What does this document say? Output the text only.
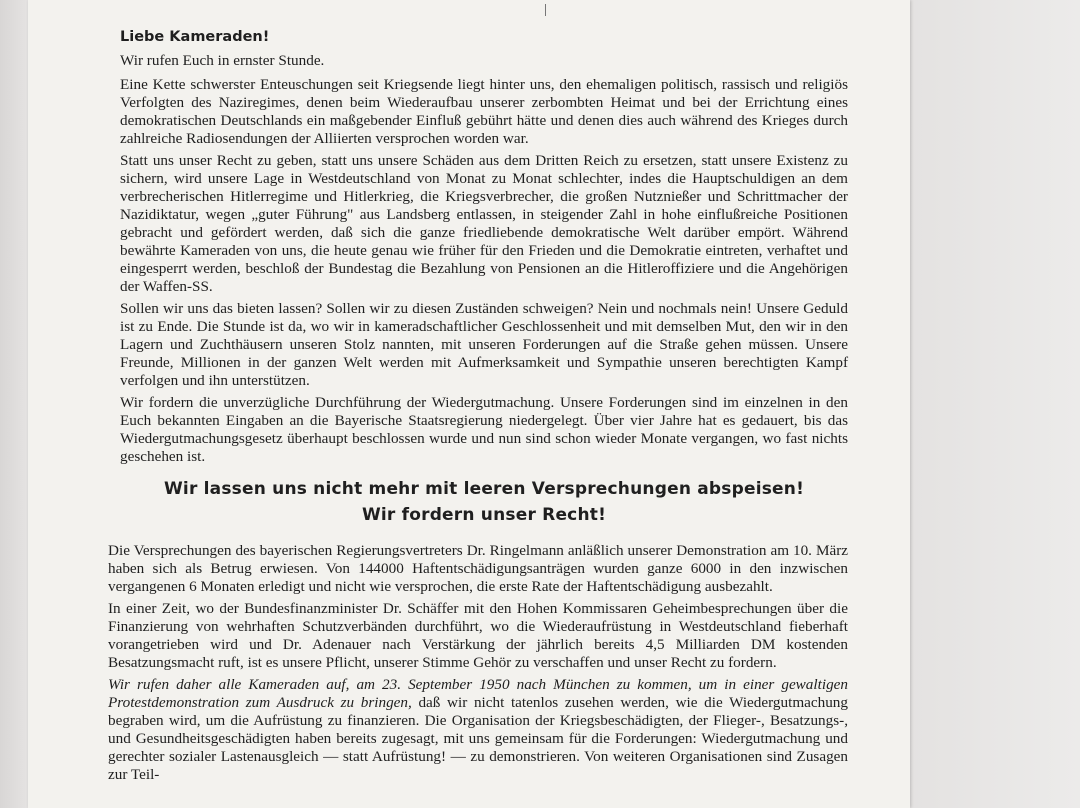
Liebe Kameraden!

Wir rufen Euch in ernster Stunde.

Eine Kette schwerster Enteuschungen seit Kriegsende liegt hinter uns, den ehemaligen politisch, rassisch und religiös Verfolgten des Naziregimes, denen beim Wiederaufbau unserer zerbombten Heimat und bei der Errichtung eines demokratischen Deutschlands ein maßgebender Einfluß gebührt hätte und denen dies auch während des Krieges durch zahlreiche Radiosendungen der Alliierten versprochen worden war.

Statt uns unser Recht zu geben, statt uns unsere Schäden aus dem Dritten Reich zu ersetzen, statt unsere Existenz zu sichern, wird unsere Lage in Westdeutschland von Monat zu Monat schlechter, indes die Hauptschuldigen an dem verbrecherischen Hitlerregime und Hitlerkrieg, die Kriegsverbrecher, die großen Nutznießer und Schrittmacher der Nazidiktatur, wegen „guter Führung" aus Landsberg entlassen, in steigender Zahl in hohe einflußreiche Positionen gebracht und gefördert werden, daß sich die ganze friedliebende demokratische Welt darüber empört. Während bewährte Kameraden von uns, die heute genau wie früher für den Frieden und die Demokratie eintreten, verhaftet und eingesperrt werden, beschloß der Bundestag die Bezahlung von Pensionen an die Hitleroffiziere und die Angehörigen der Waffen-SS.

Sollen wir uns das bieten lassen? Sollen wir zu diesen Zuständen schweigen? Nein und nochmals nein! Unsere Geduld ist zu Ende. Die Stunde ist da, wo wir in kameradschaftlicher Geschlossenheit und mit demselben Mut, den wir in den Lagern und Zuchthäusern unseren Stolz nannten, mit unseren Forderungen auf die Straße gehen müssen. Unsere Freunde, Millionen in der ganzen Welt werden mit Aufmerksamkeit und Sympathie unseren berechtigten Kampf verfolgen und ihn unterstützen.

Wir fordern die unverzügliche Durchführung der Wiedergutmachung. Unsere Forderungen sind im einzelnen in den Euch bekannten Eingaben an die Bayerische Staatsregierung niedergelegt. Über vier Jahre hat es gedauert, bis das Wiedergutmachungsgesetz überhaupt beschlossen wurde und nun sind schon wieder Monate vergangen, wo fast nichts geschehen ist.

Wir lassen uns nicht mehr mit leeren Versprechungen abspeisen!
Wir fordern unser Recht!

Die Versprechungen des bayerischen Regierungsvertreters Dr. Ringelmann anläßlich unserer Demonstration am 10. März haben sich als Betrug erwiesen. Von 144000 Haftentschädigungsanträgen wurden ganze 6000 in den inzwischen vergangenen 6 Monaten erledigt und nicht wie versprochen, die erste Rate der Haftentschädigung ausbezahlt.

In einer Zeit, wo der Bundesfinanzminister Dr. Schäffer mit den Hohen Kommissaren Geheimbesprechungen über die Finanzierung von wehrhaften Schutzverbänden durchführt, wo die Wiederaufrüstung in Westdeutschland fieberhaft vorangetrieben wird und Dr. Adenauer nach Verstärkung der jährlich bereits 4,5 Milliarden DM kostenden Besatzungsmacht ruft, ist es unsere Pflicht, unserer Stimme Gehör zu verschaffen und unser Recht zu fordern.

Wir rufen daher alle Kameraden auf, am 23. September 1950 nach München zu kommen, um in einer gewaltigen Protestdemonstration zum Ausdruck zu bringen, daß wir nicht tatenlos zusehen werden, wie die Wiedergutmachung begraben wird, um die Aufrüstung zu finanzieren. Die Organisation der Kriegsbeschädigten, der Flieger-, Besatzungs-, und Gesundheitsgeschädigten haben bereits zugesagt, mit uns gemeinsam für die Forderungen: Wiedergutmachung und gerechter sozialer Lastenausgleich — statt Aufrüstung! — zu demonstrieren. Von weiteren Organisationen sind Zusagen zur Teil-
